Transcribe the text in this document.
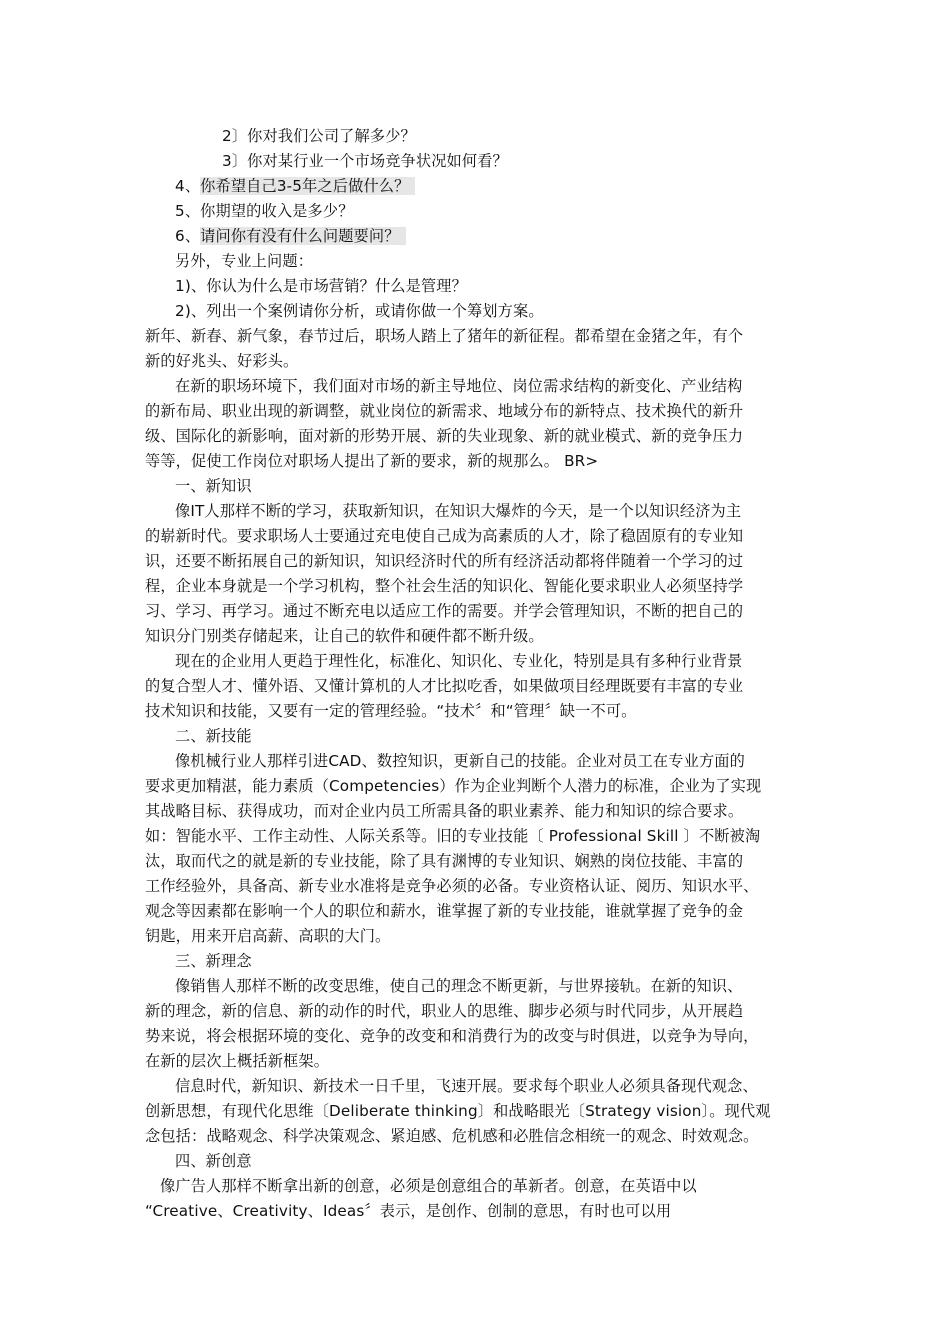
2〕你对我们公司了解多少？
3〕你对某行业一个市场竞争状况如何看？
4、你希望自己3-5年之后做什么？
5、你期望的收入是多少？
6、请问你有没有什么问题要问？
另外，专业上问题：
1)、你认为什么是市场营销？什么是管理？
2)、列出一个案例请你分析，或请你做一个筹划方案。
新年、新春、新气象，春节过后，职场人踏上了猪年的新征程。都希望在金猪之年，有个
新的好兆头、好彩头。
在新的职场环境下，我们面对市场的新主导地位、岗位需求结构的新变化、产业结构
的新布局、职业出现的新调整，就业岗位的新需求、地域分布的新特点、技术换代的新升
级、国际化的新影响，面对新的形势开展、新的失业现象、新的就业模式、新的竞争压力
等等，促使工作岗位对职场人提出了新的要求，新的规那么。 BR>
一、新知识
像IT人那样不断的学习，获取新知识，在知识大爆炸的今天，是一个以知识经济为主
的崭新时代。要求职场人士要通过充电使自己成为高素质的人才，除了稳固原有的专业知
识，还要不断拓展自己的新知识，知识经济时代的所有经济活动都将伴随着一个学习的过
程，企业本身就是一个学习机构，整个社会生活的知识化、智能化要求职业人必须坚持学
习、学习、再学习。通过不断充电以适应工作的需要。并学会管理知识，不断的把自己的
知识分门别类存储起来，让自己的软件和硬件都不断升级。
现在的企业用人更趋于理性化，标准化、知识化、专业化，特别是具有多种行业背景
的复合型人才、懂外语、又懂计算机的人才比拟吃香，如果做项目经理既要有丰富的专业
技术知识和技能，又要有一定的管理经验。“技术〞和“管理〞缺一不可。
二、新技能
像机械行业人那样引进CAD、数控知识，更新自己的技能。企业对员工在专业方面的
要求更加精湛，能力素质（Competencies）作为企业判断个人潜力的标准，企业为了实现
其战略目标、获得成功，而对企业内员工所需具备的职业素养、能力和知识的综合要求。
如：智能水平、工作主动性、人际关系等。旧的专业技能〔 Professional Skill 〕不断被淘
汰，取而代之的就是新的专业技能，除了具有渊博的专业知识、娴熟的岗位技能、丰富的
工作经验外，具备高、新专业水准将是竞争必须的必备。专业资格认证、阅历、知识水平、
观念等因素都在影响一个人的职位和薪水，谁掌握了新的专业技能，谁就掌握了竞争的金
钥匙，用来开启高薪、高职的大门。
三、新理念
像销售人那样不断的改变思维，使自己的理念不断更新，与世界接轨。在新的知识、
新的理念，新的信息、新的动作的时代，职业人的思维、脚步必须与时代同步，从开展趋
势来说，将会根据环境的变化、竞争的改变和和消费行为的改变与时俱进，以竞争为导向，
在新的层次上概括新框架。
信息时代，新知识、新技术一日千里，飞速开展。要求每个职业人必须具备现代观念、
创新思想，有现代化思维〔Deliberate thinking〕和战略眼光〔Strategy vision〕。现代观
念包括：战略观念、科学决策观念、紧迫感、危机感和必胜信念相统一的观念、时效观念。
四、新创意
像广告人那样不断拿出新的创意，必须是创意组合的革新者。创意，在英语中以
“Creative、Creativity、Ideas〞表示，是创作、创制的意思，有时也可以用
